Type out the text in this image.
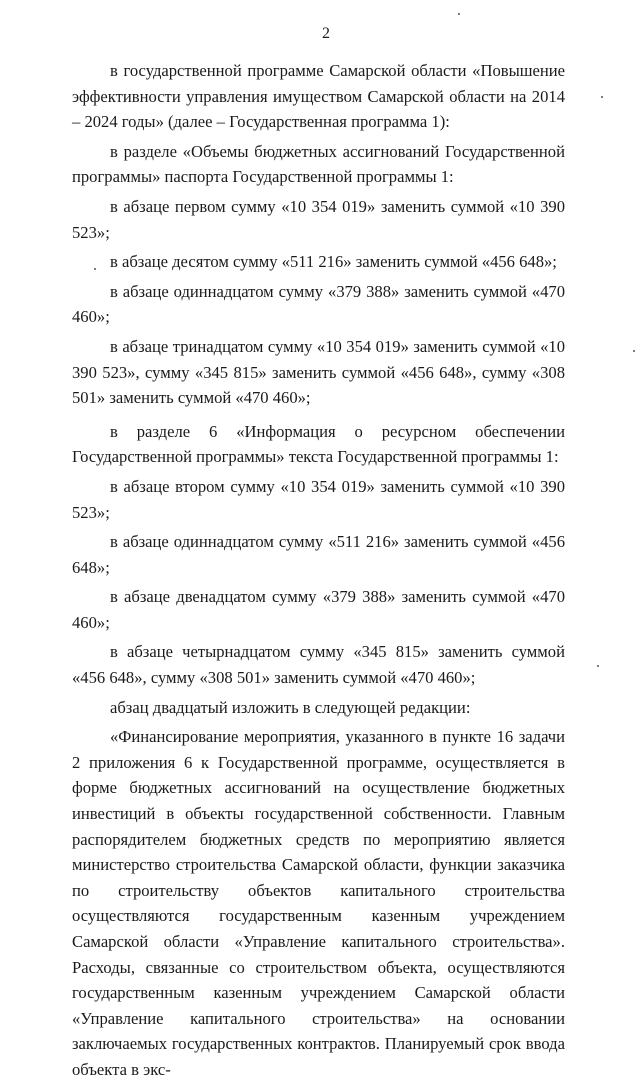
2

в государственной программе Самарской области «Повышение эффективности управления имуществом Самарской области на 2014 – 2024 годы» (далее – Государственная программа 1):

в разделе «Объемы бюджетных ассигнований Государственной программы» паспорта Государственной программы 1:

в абзаце первом сумму «10 354 019» заменить суммой «10 390 523»;

в абзаце десятом сумму «511 216» заменить суммой «456 648»;

в абзаце одиннадцатом сумму «379 388» заменить суммой «470 460»;

в абзаце тринадцатом сумму «10 354 019» заменить суммой «10 390 523», сумму «345 815» заменить суммой «456 648», сумму «308 501» заменить суммой «470 460»;

в разделе 6 «Информация о ресурсном обеспечении Государственной программы» текста Государственной программы 1:

в абзаце втором сумму «10 354 019» заменить суммой «10 390 523»;

в абзаце одиннадцатом сумму «511 216» заменить суммой «456 648»;

в абзаце двенадцатом сумму «379 388» заменить суммой «470 460»;

в абзаце четырнадцатом сумму «345 815» заменить суммой «456 648», сумму «308 501» заменить суммой «470 460»;

абзац двадцатый изложить в следующей редакции:

«Финансирование мероприятия, указанного в пункте 16 задачи 2 приложения 6 к Государственной программе, осуществляется в форме бюджетных ассигнований на осуществление бюджетных инвестиций в объекты государственной собственности. Главным распорядителем бюджетных средств по мероприятию является министерство строительства Самарской области, функции заказчика по строительству объектов капитального строительства осуществляются государственным казенным учреждением Самарской области «Управление капитального строительства». Расходы, связанные со строительством объекта, осуществляются государственным казенным учреждением Самарской области «Управление капитального строительства» на основании заключаемых государственных контрактов. Планируемый срок ввода объекта в экс-
